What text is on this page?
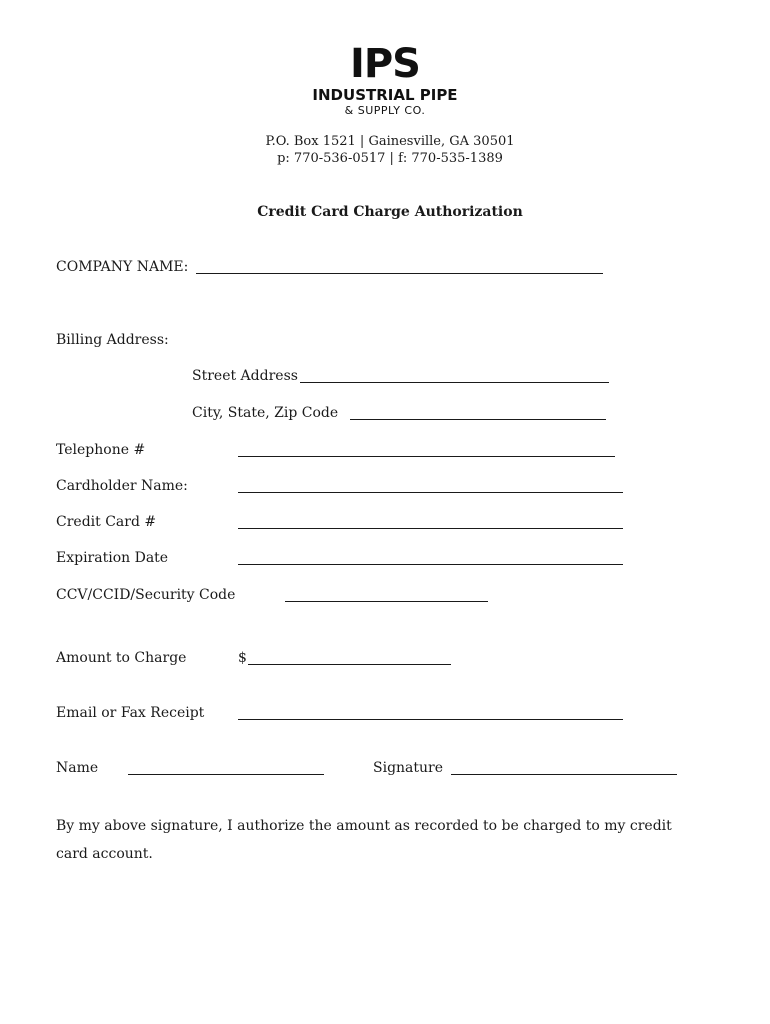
IPS
INDUSTRIAL PIPE
& SUPPLY CO.
P.O. Box 1521 | Gainesville, GA 30501
p: 770-536-0517 | f: 770-535-1389
Credit Card Charge Authorization
COMPANY NAME:
Billing Address:
Street Address
City, State, Zip Code
Telephone #
Cardholder Name:
Credit Card #
Expiration Date
CCV/CCID/Security Code
Amount to Charge	$
Email or Fax Receipt
Name	Signature
By my above signature, I authorize the amount as recorded to be charged to my credit card account.
